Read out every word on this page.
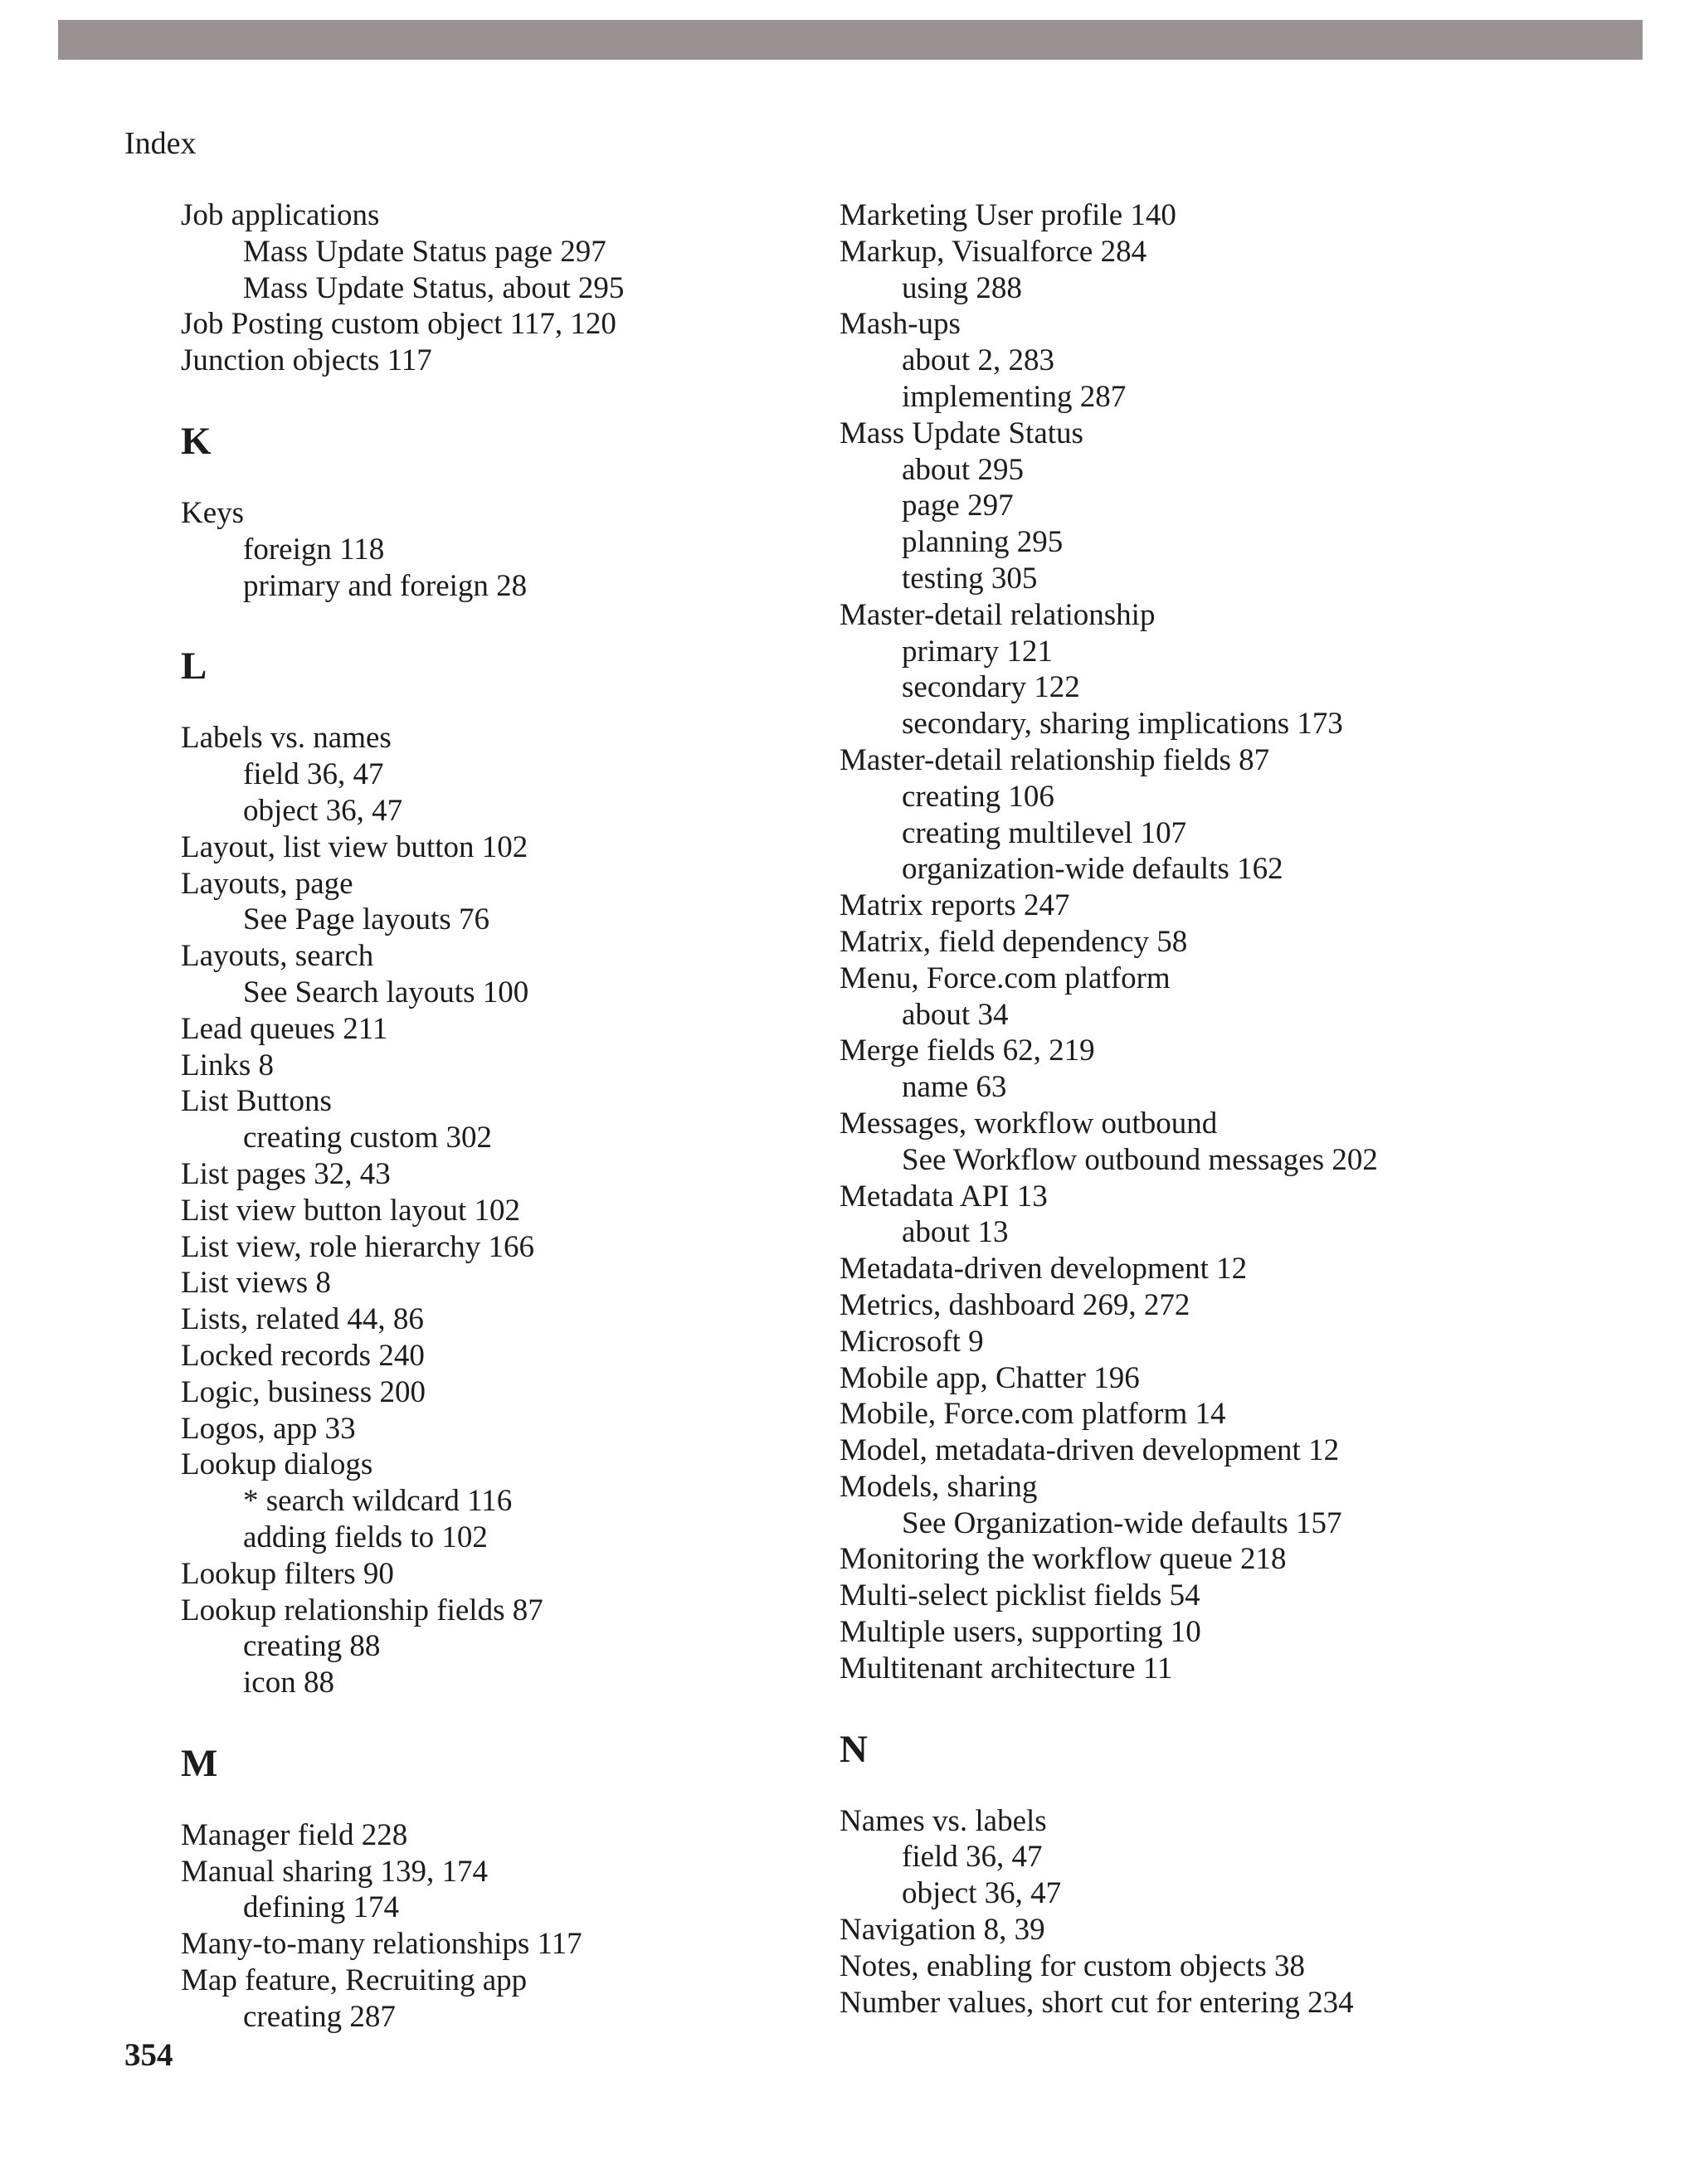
Index
Job applications
Mass Update Status page 297
Mass Update Status, about 295
Job Posting custom object 117, 120
Junction objects 117
K
Keys
foreign 118
primary and foreign 28
L
Labels vs. names
field 36, 47
object 36, 47
Layout, list view button 102
Layouts, page
See Page layouts 76
Layouts, search
See Search layouts 100
Lead queues 211
Links 8
List Buttons
creating custom 302
List pages 32, 43
List view button layout 102
List view, role hierarchy 166
List views 8
Lists, related 44, 86
Locked records 240
Logic, business 200
Logos, app 33
Lookup dialogs
* search wildcard 116
adding fields to 102
Lookup filters 90
Lookup relationship fields 87
creating 88
icon 88
M
Manager field 228
Manual sharing 139, 174
defining 174
Many-to-many relationships 117
Map feature, Recruiting app
creating 287
Marketing User profile 140
Markup, Visualforce 284
using 288
Mash-ups
about 2, 283
implementing 287
Mass Update Status
about 295
page 297
planning 295
testing 305
Master-detail relationship
primary 121
secondary 122
secondary, sharing implications 173
Master-detail relationship fields 87
creating 106
creating multilevel 107
organization-wide defaults 162
Matrix reports 247
Matrix, field dependency 58
Menu, Force.com platform
about 34
Merge fields 62, 219
name 63
Messages, workflow outbound
See Workflow outbound messages 202
Metadata API 13
about 13
Metadata-driven development 12
Metrics, dashboard 269, 272
Microsoft 9
Mobile app, Chatter 196
Mobile, Force.com platform 14
Model, metadata-driven development 12
Models, sharing
See Organization-wide defaults 157
Monitoring the workflow queue 218
Multi-select picklist fields 54
Multiple users, supporting 10
Multitenant architecture 11
N
Names vs. labels
field 36, 47
object 36, 47
Navigation 8, 39
Notes, enabling for custom objects 38
Number values, short cut for entering 234
354
